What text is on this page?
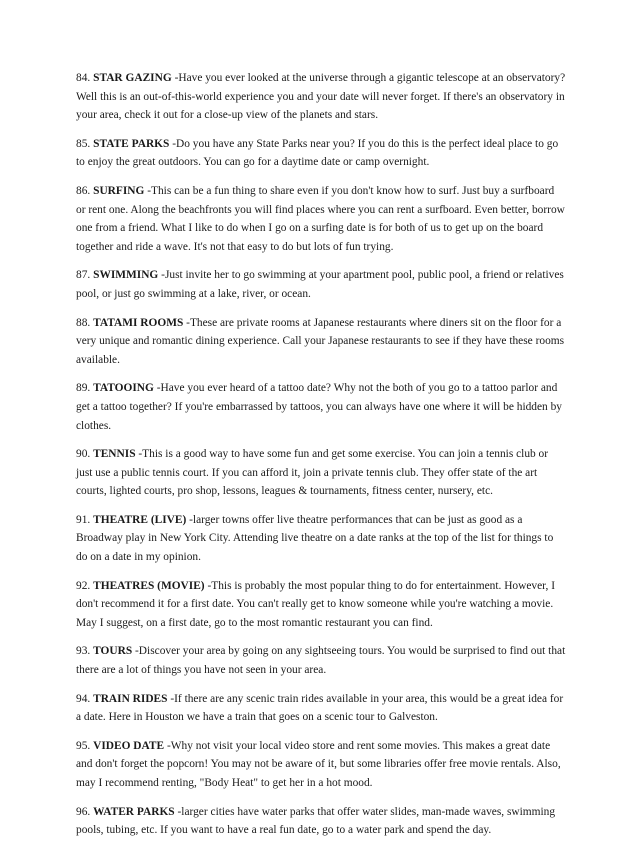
84. STAR GAZING -Have you ever looked at the universe through a gigantic telescope at an observatory? Well this is an out-of-this-world experience you and your date will never forget. If there's an observatory in your area, check it out for a close-up view of the planets and stars.

85. STATE PARKS -Do you have any State Parks near you? If you do this is the perfect ideal place to go to enjoy the great outdoors. You can go for a daytime date or camp overnight.

86. SURFING -This can be a fun thing to share even if you don't know how to surf. Just buy a surfboard or rent one. Along the beachfronts you will find places where you can rent a surfboard. Even better, borrow one from a friend. What I like to do when I go on a surfing date is for both of us to get up on the board together and ride a wave. It's not that easy to do but lots of fun trying.

87. SWIMMING -Just invite her to go swimming at your apartment pool, public pool, a friend or relatives pool, or just go swimming at a lake, river, or ocean.

88. TATAMI ROOMS -These are private rooms at Japanese restaurants where diners sit on the floor for a very unique and romantic dining experience. Call your Japanese restaurants to see if they have these rooms available.

89. TATOOING -Have you ever heard of a tattoo date? Why not the both of you go to a tattoo parlor and get a tattoo together? If you're embarrassed by tattoos, you can always have one where it will be hidden by clothes.

90. TENNIS -This is a good way to have some fun and get some exercise. You can join a tennis club or just use a public tennis court. If you can afford it, join a private tennis club. They offer state of the art courts, lighted courts, pro shop, lessons, leagues & tournaments, fitness center, nursery, etc.

91. THEATRE (LIVE) -larger towns offer live theatre performances that can be just as good as a Broadway play in New York City. Attending live theatre on a date ranks at the top of the list for things to do on a date in my opinion.

92. THEATRES (MOVIE) -This is probably the most popular thing to do for entertainment. However, I don't recommend it for a first date. You can't really get to know someone while you're watching a movie. May I suggest, on a first date, go to the most romantic restaurant you can find.

93. TOURS -Discover your area by going on any sightseeing tours. You would be surprised to find out that there are a lot of things you have not seen in your area.

94. TRAIN RIDES -If there are any scenic train rides available in your area, this would be a great idea for a date. Here in Houston we have a train that goes on a scenic tour to Galveston.

95. VIDEO DATE -Why not visit your local video store and rent some movies. This makes a great date and don't forget the popcorn! You may not be aware of it, but some libraries offer free movie rentals. Also, may I recommend renting, "Body Heat" to get her in a hot mood.

96. WATER PARKS -larger cities have water parks that offer water slides, man-made waves, swimming pools, tubing, etc. If you want to have a real fun date, go to a water park and spend the day.
